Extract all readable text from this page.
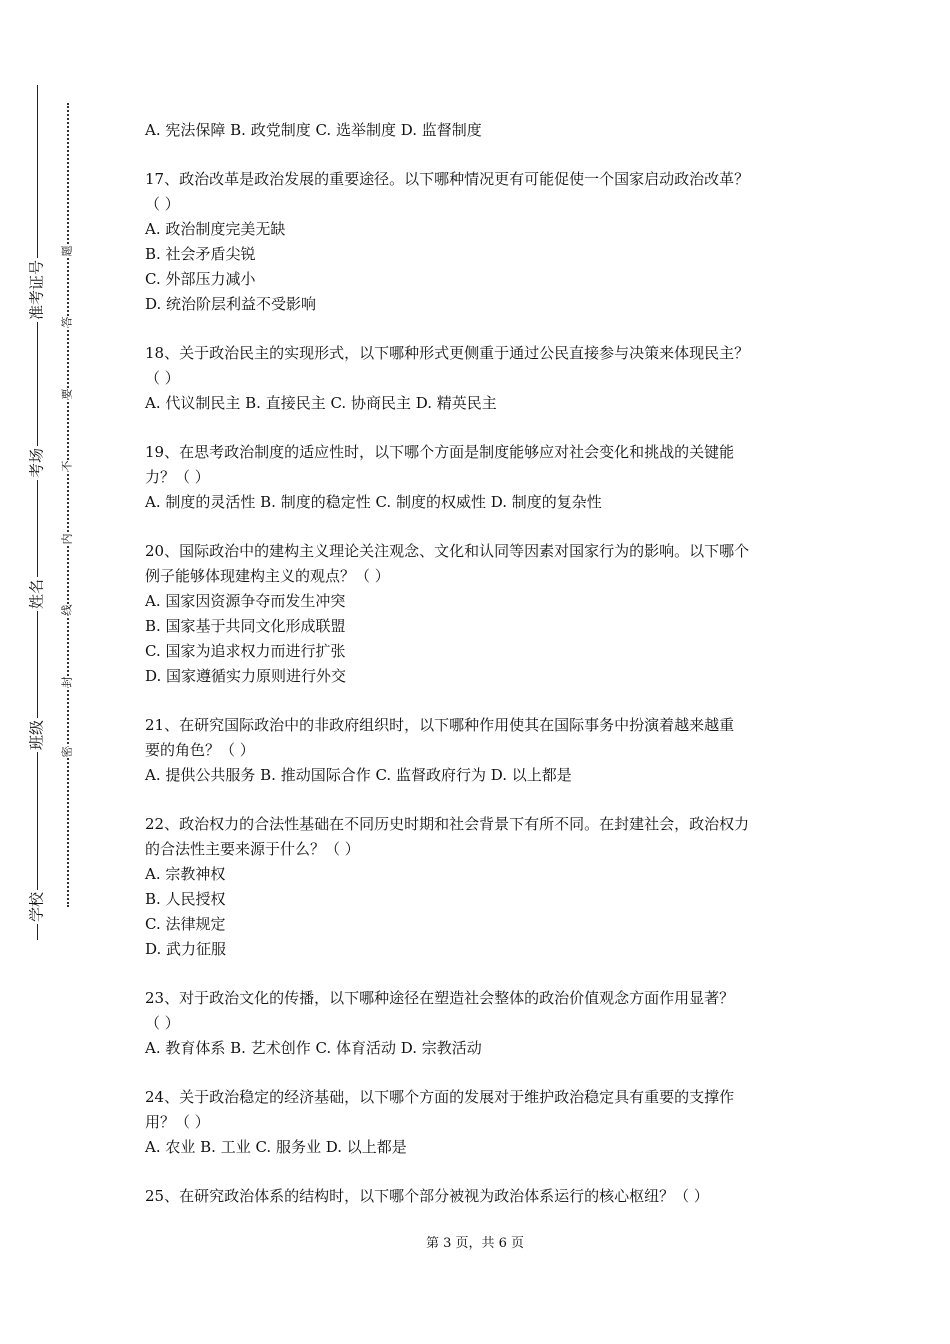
准考证号
考场
姓名
班级
学校
题
答
要
不
内
线
封
密
A. 宪法保障 B. 政党制度 C. 选举制度 D. 监督制度
17、政治改革是政治发展的重要途径。以下哪种情况更有可能促使一个国家启动政治改革？
（ ）
A. 政治制度完美无缺
B. 社会矛盾尖锐
C. 外部压力减小
D. 统治阶层利益不受影响
18、关于政治民主的实现形式，以下哪种形式更侧重于通过公民直接参与决策来体现民主？
（ ）
A. 代议制民主 B. 直接民主 C. 协商民主 D. 精英民主
19、在思考政治制度的适应性时，以下哪个方面是制度能够应对社会变化和挑战的关键能
力？（ ）
A. 制度的灵活性 B. 制度的稳定性 C. 制度的权威性 D. 制度的复杂性
20、国际政治中的建构主义理论关注观念、文化和认同等因素对国家行为的影响。以下哪个
例子能够体现建构主义的观点？（ ）
A. 国家因资源争夺而发生冲突
B. 国家基于共同文化形成联盟
C. 国家为追求权力而进行扩张
D. 国家遵循实力原则进行外交
21、在研究国际政治中的非政府组织时，以下哪种作用使其在国际事务中扮演着越来越重
要的角色？（ ）
A. 提供公共服务 B. 推动国际合作 C. 监督政府行为 D. 以上都是
22、政治权力的合法性基础在不同历史时期和社会背景下有所不同。在封建社会，政治权力
的合法性主要来源于什么？（ ）
A. 宗教神权
B. 人民授权
C. 法律规定
D. 武力征服
23、对于政治文化的传播，以下哪种途径在塑造社会整体的政治价值观念方面作用显著？
（ ）
A. 教育体系 B. 艺术创作 C. 体育活动 D. 宗教活动
24、关于政治稳定的经济基础，以下哪个方面的发展对于维护政治稳定具有重要的支撑作
用？（ ）
A. 农业 B. 工业 C. 服务业 D. 以上都是
25、在研究政治体系的结构时，以下哪个部分被视为政治体系运行的核心枢纽？（ ）
第 3 页，共 6 页
